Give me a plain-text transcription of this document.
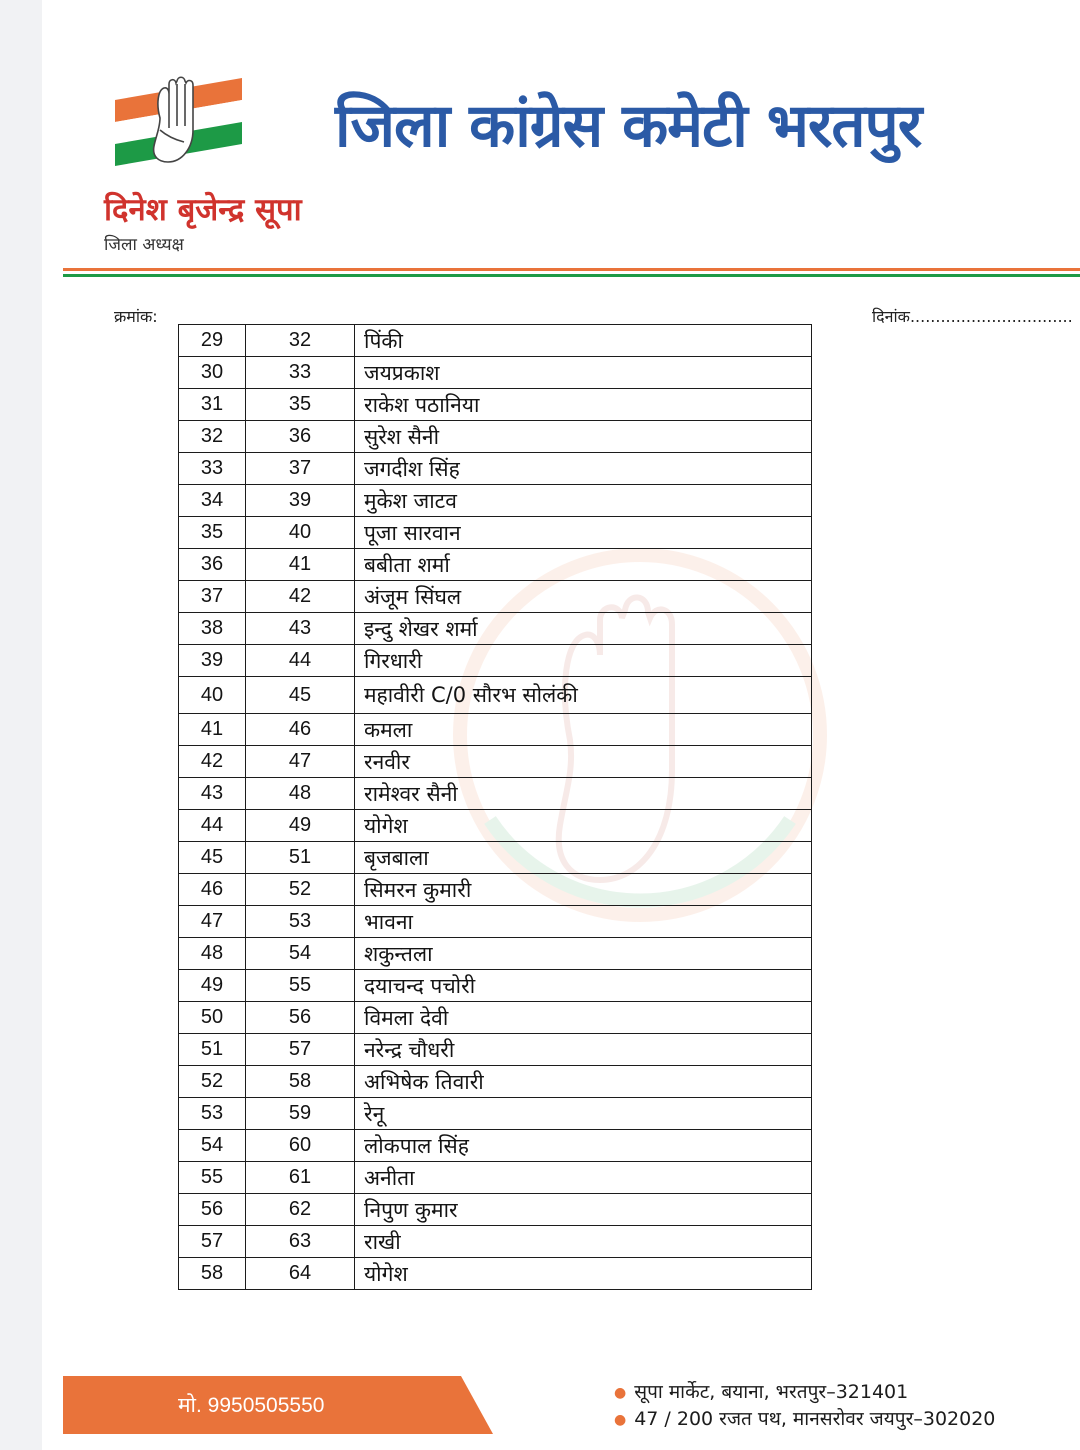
जिला कांग्रेस कमेटी भरतपुर
दिनेश बृजेन्द्र सूपा
जिला अध्यक्ष
क्रमांक:	दिनांक................................
29	32	पिंकी
30	33	जयप्रकाश
31	35	राकेश पठानिया
32	36	सुरेश सैनी
33	37	जगदीश सिंह
34	39	मुकेश जाटव
35	40	पूजा सारवान
36	41	बबीता शर्मा
37	42	अंजूम सिंघल
38	43	इन्दु शेखर शर्मा
39	44	गिरधारी
40	45	महावीरी C/0 सौरभ सोलंकी
41	46	कमला
42	47	रनवीर
43	48	रामेश्वर सैनी
44	49	योगेश
45	51	बृजबाला
46	52	सिमरन कुमारी
47	53	भावना
48	54	शकुन्तला
49	55	दयाचन्द पचोरी
50	56	विमला देवी
51	57	नरेन्द्र चौधरी
52	58	अभिषेक तिवारी
53	59	रेनू
54	60	लोकपाल सिंह
55	61	अनीता
56	62	निपुण कुमार
57	63	राखी
58	64	योगेश
मो. 9950505550
● सूपा मार्केट, बयाना, भरतपुर–321401
● 47 / 200 रजत पथ, मानसरोवर जयपुर–302020
